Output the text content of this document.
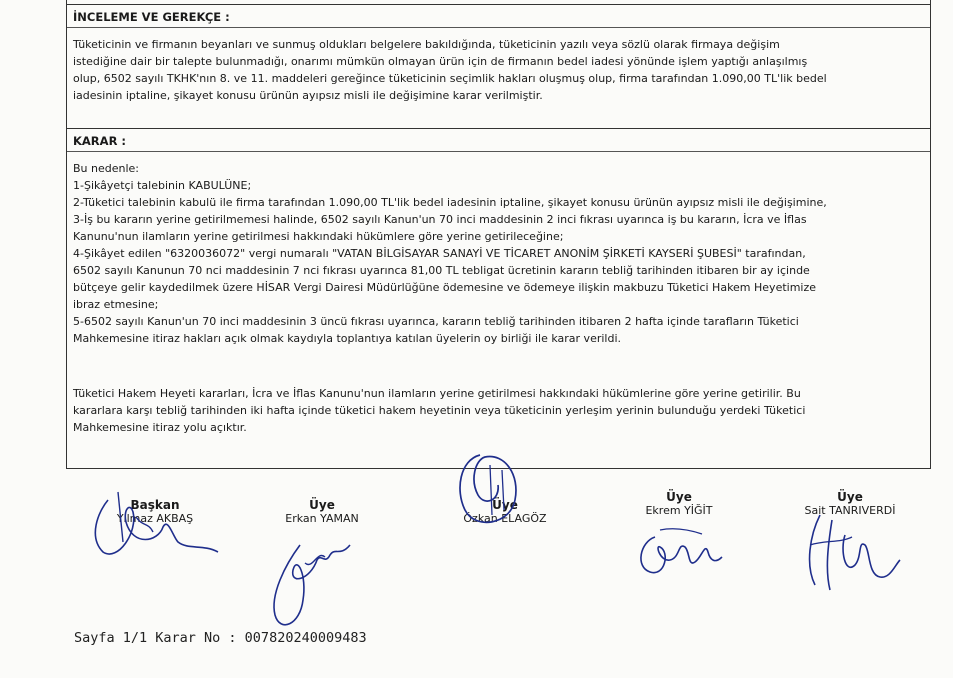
İNCELEME VE GEREKÇE :

Tüketicinin ve firmanın beyanları ve sunmuş oldukları belgelere bakıldığında, tüketicinin yazılı veya sözlü olarak firmaya değişim

istediğine dair bir talepte bulunmadığı, onarımı mümkün olmayan ürün için de firmanın bedel iadesi yönünde işlem yaptığı anlaşılmış

olup, 6502 sayılı TKHK'nın 8. ve 11. maddeleri gereğince tüketicinin seçimlik hakları oluşmuş olup, firma tarafından 1.090,00 TL'lik bedel

iadesinin iptaline, şikayet konusu ürünün ayıpsız misli ile değişimine karar verilmiştir.

KARAR :

Bu nedenle:

1-Şikâyetçi talebinin KABULÜNE;

2-Tüketici talebinin kabulü ile firma tarafından 1.090,00 TL'lik bedel iadesinin iptaline, şikayet konusu ürünün ayıpsız misli ile değişimine,

3-İş bu kararın yerine getirilmemesi halinde, 6502 sayılı Kanun'un 70 inci maddesinin 2 inci fıkrası uyarınca iş bu kararın, İcra ve İflas

Kanunu'nun ilamların yerine getirilmesi hakkındaki hükümlere göre yerine getirileceğine;

4-Şikâyet edilen "6320036072" vergi numaralı "VATAN BİLGİSAYAR SANAYİ VE TİCARET ANONİM ŞİRKETİ KAYSERİ ŞUBESİ" tarafından,

6502 sayılı Kanunun 70 nci maddesinin 7 nci fıkrası uyarınca 81,00 TL tebligat ücretinin kararın tebliğ tarihinden itibaren bir ay içinde

bütçeye gelir kaydedilmek üzere HİSAR Vergi Dairesi Müdürlüğüne ödemesine ve ödemeye ilişkin makbuzu Tüketici Hakem Heyetimize

ibraz etmesine;

5-6502 sayılı Kanun'un 70 inci maddesinin 3 üncü fıkrası uyarınca, kararın tebliğ tarihinden itibaren 2 hafta içinde tarafların Tüketici

Mahkemesine itiraz hakları açık olmak kaydıyla toplantıya katılan üyelerin oy birliği ile karar verildi.

Tüketici Hakem Heyeti kararları, İcra ve İflas Kanunu'nun ilamların yerine getirilmesi hakkındaki hükümlerine göre yerine getirilir. Bu

kararlara karşı tebliğ tarihinden iki hafta içinde tüketici hakem heyetinin veya tüketicinin yerleşim yerinin bulunduğu yerdeki Tüketici

Mahkemesine itiraz yolu açıktır.

Başkan
Yılmaz AKBAŞ
Üye
Erkan YAMAN
Üye
Özkan ELAGÖZ
Üye
Ekrem YİĞİT
Üye
Sait TANRIVERDİ
Sayfa 1/1 Karar No : 007820240009483
